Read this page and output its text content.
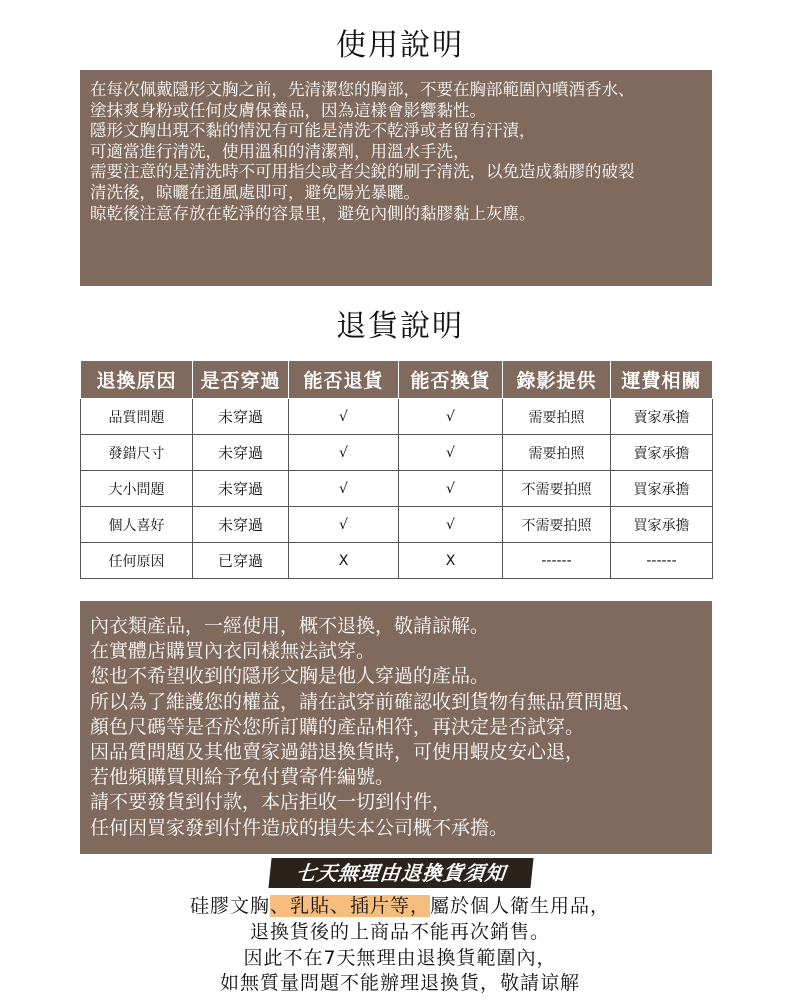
使用說明
在每次佩戴隱形文胸之前，先清潔您的胸部，不要在胸部範圍內噴酒香水、
塗抹爽身粉或任何皮膚保養品，因為這樣會影響黏性。
隱形文胸出現不黏的情況有可能是清洗不乾淨或者留有汗漬，
可適當進行清洗，使用溫和的清潔劑，用溫水手洗，
需要注意的是清洗時不可用指尖或者尖銳的刷子清洗，以免造成黏膠的破裂
清洗後，晾曬在通風處即可，避免陽光暴曬。
晾乾後注意存放在乾淨的容景里，避免內側的黏膠黏上灰塵。
退貨說明
退換原因	是否穿過	能否退貨	能否換貨	錄影提供	運費相關
品質問題	未穿過	√	√	需要拍照	賣家承擔
發錯尺寸	未穿過	√	√	需要拍照	賣家承擔
大小問題	未穿過	√	√	不需要拍照	買家承擔
個人喜好	未穿過	√	√	不需要拍照	買家承擔
任何原因	已穿過	X	X	------	------
內衣類產品，一經使用，概不退換，敬請諒解。
在實體店購買內衣同樣無法試穿。
您也不希望收到的隱形文胸是他人穿過的產品。
所以為了維護您的權益，請在試穿前確認收到貨物有無品質問題、
顏色尺碼等是否於您所訂購的產品相符，再決定是否試穿。
因品質問題及其他賣家過錯退換貨時，可使用蝦皮安心退，
若他頻購買則給予免付費寄件編號。
請不要發貨到付款，本店拒收一切到付件，
任何因買家發到付件造成的損失本公司概不承擔。
七天無理由退換貨須知
硅膠文胸、乳貼、插片等，屬於個人衛生用品，
退換貨後的上商品不能再次銷售。
因此不在7天無理由退換貨範圍內，
如無質量問題不能辦理退換貨，敬請谅解
